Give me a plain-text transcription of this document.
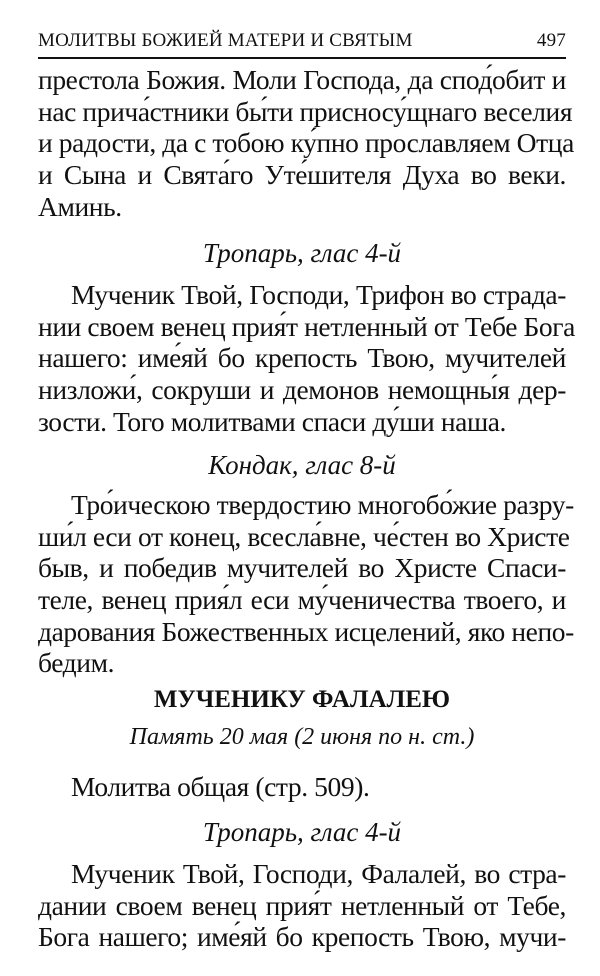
МОЛИТВЫ БОЖИЕЙ МАТЕРИ И СВЯТЫМ	497
престола Божия. Моли Господа, да спод́обит и
нас прича́стники бы́ти присносу́щнаго веселия
и радости, да с тобою ку́пно прославляем Отца
и Сына и Свята́го Уте́шителя Духа во веки.
Аминь.
Тропарь, глас 4-й
Мученик Твой, Господи, Трифон во страда-
нии своем венец прия́т нетленный от Тебе Бога
нашего: име́яй бо крепость Твою, мучителей
низложи́, сокруши и демонов немощны́я дер-
зости. Того молитвами спаси ду́ши наша.
Кондак, глас 8-й
Тро́ическою твердостию многобо́жие разру-
ши́л еси от конец, всесла́вне, че́стен во Христе
быв, и победив мучителей во Христе Спаси-
теле, венец прия́л еси му́ченичества твоего, и
дарования Божественных исцелений, яко непо-
бедим.
МУЧЕНИКУ ФАЛАЛЕЮ
Память 20 мая (2 июня по н. ст.)
Молитва общая (стр. 509).
Тропарь, глас 4-й
Мученик Твой, Господи, Фалалей, во стра-
дании своем венец прия́т нетленный от Тебе,
Бога нашего; име́яй бо крепость Твою, мучи-
